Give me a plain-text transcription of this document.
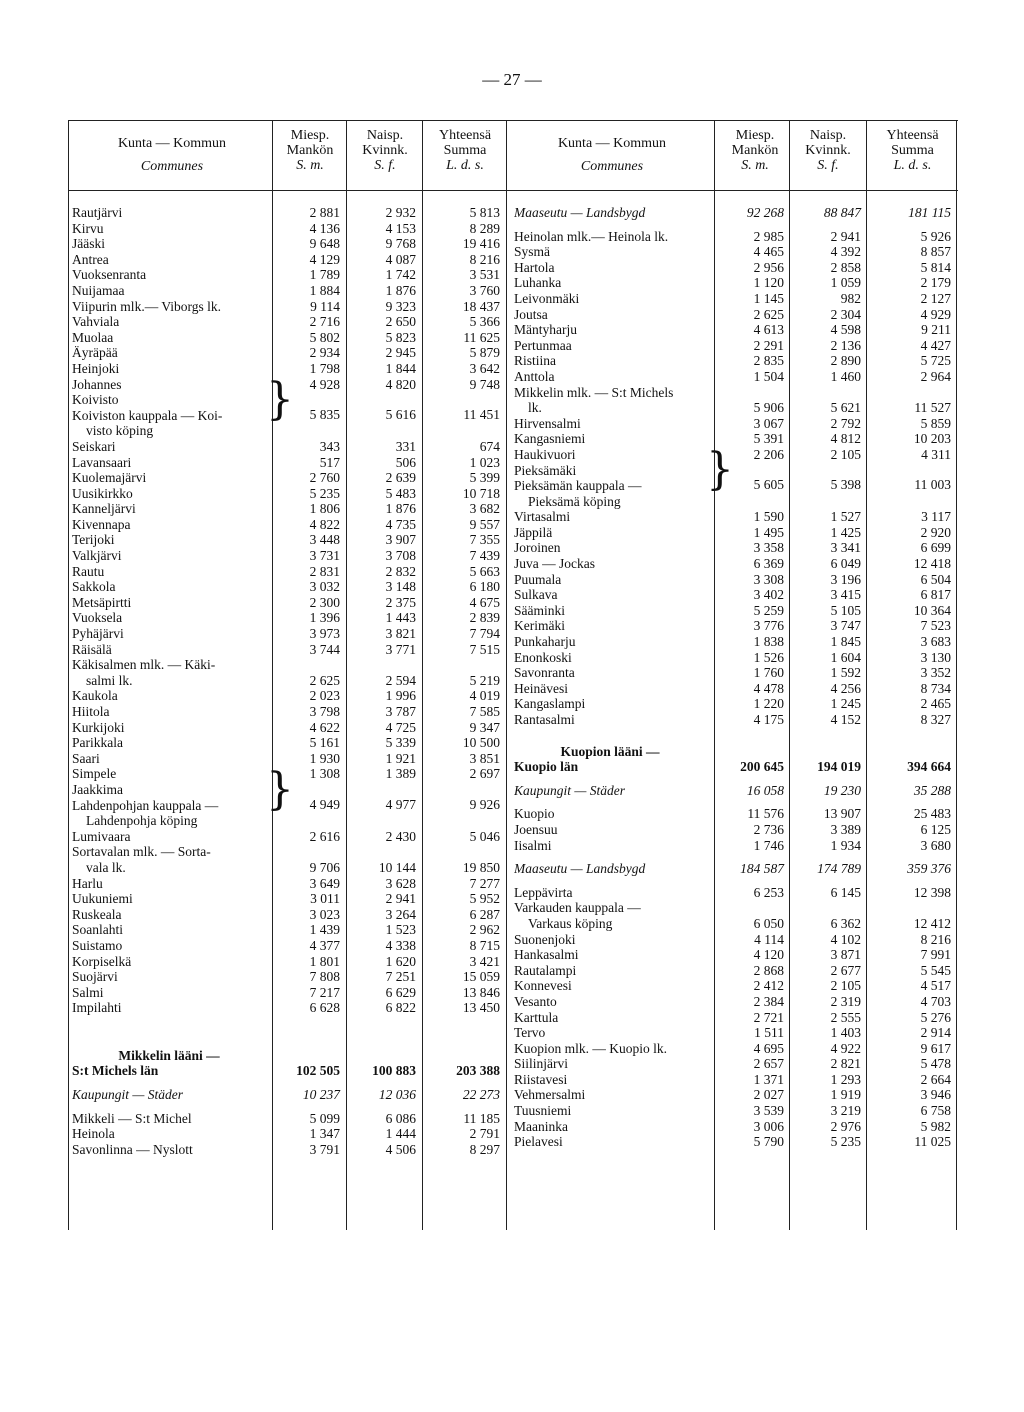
— 27 —
Kunta — Kommun
Communes
Miesp.
Mankön
S. m.
Naisp.
Kvinnk.
S. f.
Yhteensä
Summa
L. d. s.
Kunta — Kommun
Communes
Miesp.
Mankön
S. m.
Naisp.
Kvinnk.
S. f.
Yhteensä
Summa
L. d. s.
Rautjärvi	2 881	2 932	5 813
Kirvu	4 136	4 153	8 289
Jääski	9 648	9 768	19 416
Antrea	4 129	4 087	8 216
Vuoksenranta	1 789	1 742	3 531
Nuijamaa	1 884	1 876	3 760
Viipurin mlk.— Viborgs lk.	9 114	9 323	18 437
Vahviala	2 716	2 650	5 366
Muolaa	5 802	5 823	11 625
Äyräpää	2 934	2 945	5 879
Heinjoki	1 798	1 844	3 642
Johannes	4 928	4 820	9 748
Koivisto
Koiviston kauppala — Koi-	5 835	5 616	11 451
}
visto köping
Seiskari	343	331	674
Lavansaari	517	506	1 023
Kuolemajärvi	2 760	2 639	5 399
Uusikirkko	5 235	5 483	10 718
Kanneljärvi	1 806	1 876	3 682
Kivennapa	4 822	4 735	9 557
Terijoki	3 448	3 907	7 355
Valkjärvi	3 731	3 708	7 439
Rautu	2 831	2 832	5 663
Sakkola	3 032	3 148	6 180
Metsäpirtti	2 300	2 375	4 675
Vuoksela	1 396	1 443	2 839
Pyhäjärvi	3 973	3 821	7 794
Räisälä	3 744	3 771	7 515
Käkisalmen mlk. — Käki-
salmi lk.	2 625	2 594	5 219
Kaukola	2 023	1 996	4 019
Hiitola	3 798	3 787	7 585
Kurkijoki	4 622	4 725	9 347
Parikkala	5 161	5 339	10 500
Saari	1 930	1 921	3 851
Simpele	1 308	1 389	2 697
Jaakkima
Lahdenpohjan kauppala —	4 949	4 977	9 926
}
Lahdenpohja köping
Lumivaara	2 616	2 430	5 046
Sortavalan mlk. — Sorta-
vala lk.	9 706	10 144	19 850
Harlu	3 649	3 628	7 277
Uukuniemi	3 011	2 941	5 952
Ruskeala	3 023	3 264	6 287
Soanlahti	1 439	1 523	2 962
Suistamo	4 377	4 338	8 715
Korpiselkä	1 801	1 620	3 421
Suojärvi	7 808	7 251	15 059
Salmi	7 217	6 629	13 846
Impilahti	6 628	6 822	13 450
Mikkelin lääni —
S:t Michels län	102 505	100 883	203 388
Kaupungit — Städer	10 237	12 036	22 273
Mikkeli — S:t Michel	5 099	6 086	11 185
Heinola	1 347	1 444	2 791
Savonlinna — Nyslott	3 791	4 506	8 297
Maaseutu — Landsbygd	92 268	88 847	181 115
Heinolan mlk.— Heinola lk.	2 985	2 941	5 926
Sysmä	4 465	4 392	8 857
Hartola	2 956	2 858	5 814
Luhanka	1 120	1 059	2 179
Leivonmäki	1 145	982	2 127
Joutsa	2 625	2 304	4 929
Mäntyharju	4 613	4 598	9 211
Pertunmaa	2 291	2 136	4 427
Ristiina	2 835	2 890	5 725
Anttola	1 504	1 460	2 964
Mikkelin mlk. — S:t Michels
lk.	5 906	5 621	11 527
Hirvensalmi	3 067	2 792	5 859
Kangasniemi	5 391	4 812	10 203
Haukivuori	2 206	2 105	4 311
Pieksämäki
Pieksämän kauppala —	5 605	5 398	11 003
}
Pieksämä köping
Virtasalmi	1 590	1 527	3 117
Jäppilä	1 495	1 425	2 920
Joroinen	3 358	3 341	6 699
Juva — Jockas	6 369	6 049	12 418
Puumala	3 308	3 196	6 504
Sulkava	3 402	3 415	6 817
Sääminki	5 259	5 105	10 364
Kerimäki	3 776	3 747	7 523
Punkaharju	1 838	1 845	3 683
Enonkoski	1 526	1 604	3 130
Savonranta	1 760	1 592	3 352
Heinävesi	4 478	4 256	8 734
Kangaslampi	1 220	1 245	2 465
Rantasalmi	4 175	4 152	8 327
Kuopion lääni —
Kuopio län	200 645	194 019	394 664
Kaupungit — Städer	16 058	19 230	35 288
Kuopio	11 576	13 907	25 483
Joensuu	2 736	3 389	6 125
Iisalmi	1 746	1 934	3 680
Maaseutu — Landsbygd	184 587	174 789	359 376
Leppävirta	6 253	6 145	12 398
Varkauden kauppala —
Varkaus köping	6 050	6 362	12 412
Suonenjoki	4 114	4 102	8 216
Hankasalmi	4 120	3 871	7 991
Rautalampi	2 868	2 677	5 545
Konnevesi	2 412	2 105	4 517
Vesanto	2 384	2 319	4 703
Karttula	2 721	2 555	5 276
Tervo	1 511	1 403	2 914
Kuopion mlk. — Kuopio lk.	4 695	4 922	9 617
Siilinjärvi	2 657	2 821	5 478
Riistavesi	1 371	1 293	2 664
Vehmersalmi	2 027	1 919	3 946
Tuusniemi	3 539	3 219	6 758
Maaninka	3 006	2 976	5 982
Pielavesi	5 790	5 235	11 025
